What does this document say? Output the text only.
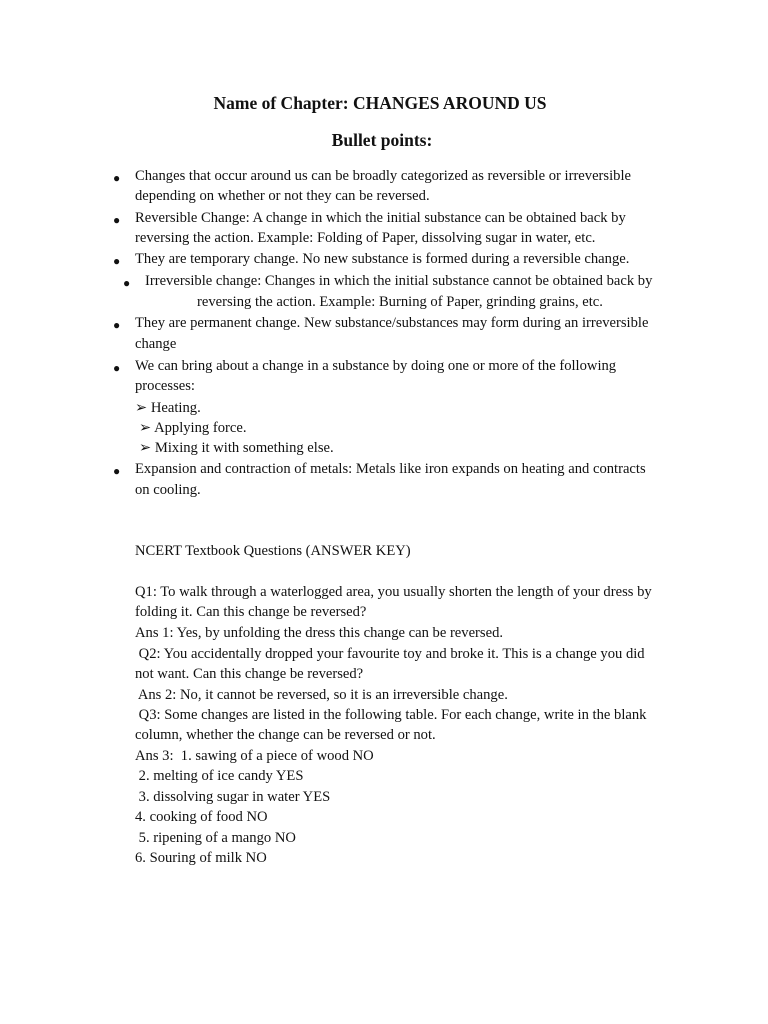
Name of Chapter: CHANGES AROUND US
Bullet points:
● Changes that occur around us can be broadly categorized as reversible or irreversible
depending on whether or not they can be reversed.
● Reversible Change: A change in which the initial substance can be obtained back by
reversing the action. Example: Folding of Paper, dissolving sugar in water, etc.
● They are temporary change. No new substance is formed during a reversible change.
● Irreversible change: Changes in which the initial substance cannot be obtained back by
reversing the action. Example: Burning of Paper, grinding grains, etc.
● They are permanent change. New substance/substances may form during an irreversible
change
● We can bring about a change in a substance by doing one or more of the following
processes:
➢ Heating.
➢ Applying force.
➢ Mixing it with something else.
● Expansion and contraction of metals: Metals like iron expands on heating and contracts
on cooling.
NCERT Textbook Questions (ANSWER KEY)
Q1: To walk through a waterlogged area, you usually shorten the length of your dress by
folding it. Can this change be reversed?
Ans 1: Yes, by unfolding the dress this change can be reversed.
Q2: You accidentally dropped your favourite toy and broke it. This is a change you did
not want. Can this change be reversed?
Ans 2: No, it cannot be reversed, so it is an irreversible change.
Q3: Some changes are listed in the following table. For each change, write in the blank
column, whether the change can be reversed or not.
Ans 3:  1. sawing of a piece of wood NO
2. melting of ice candy YES
3. dissolving sugar in water YES
4. cooking of food NO
5. ripening of a mango NO
6. Souring of milk NO
